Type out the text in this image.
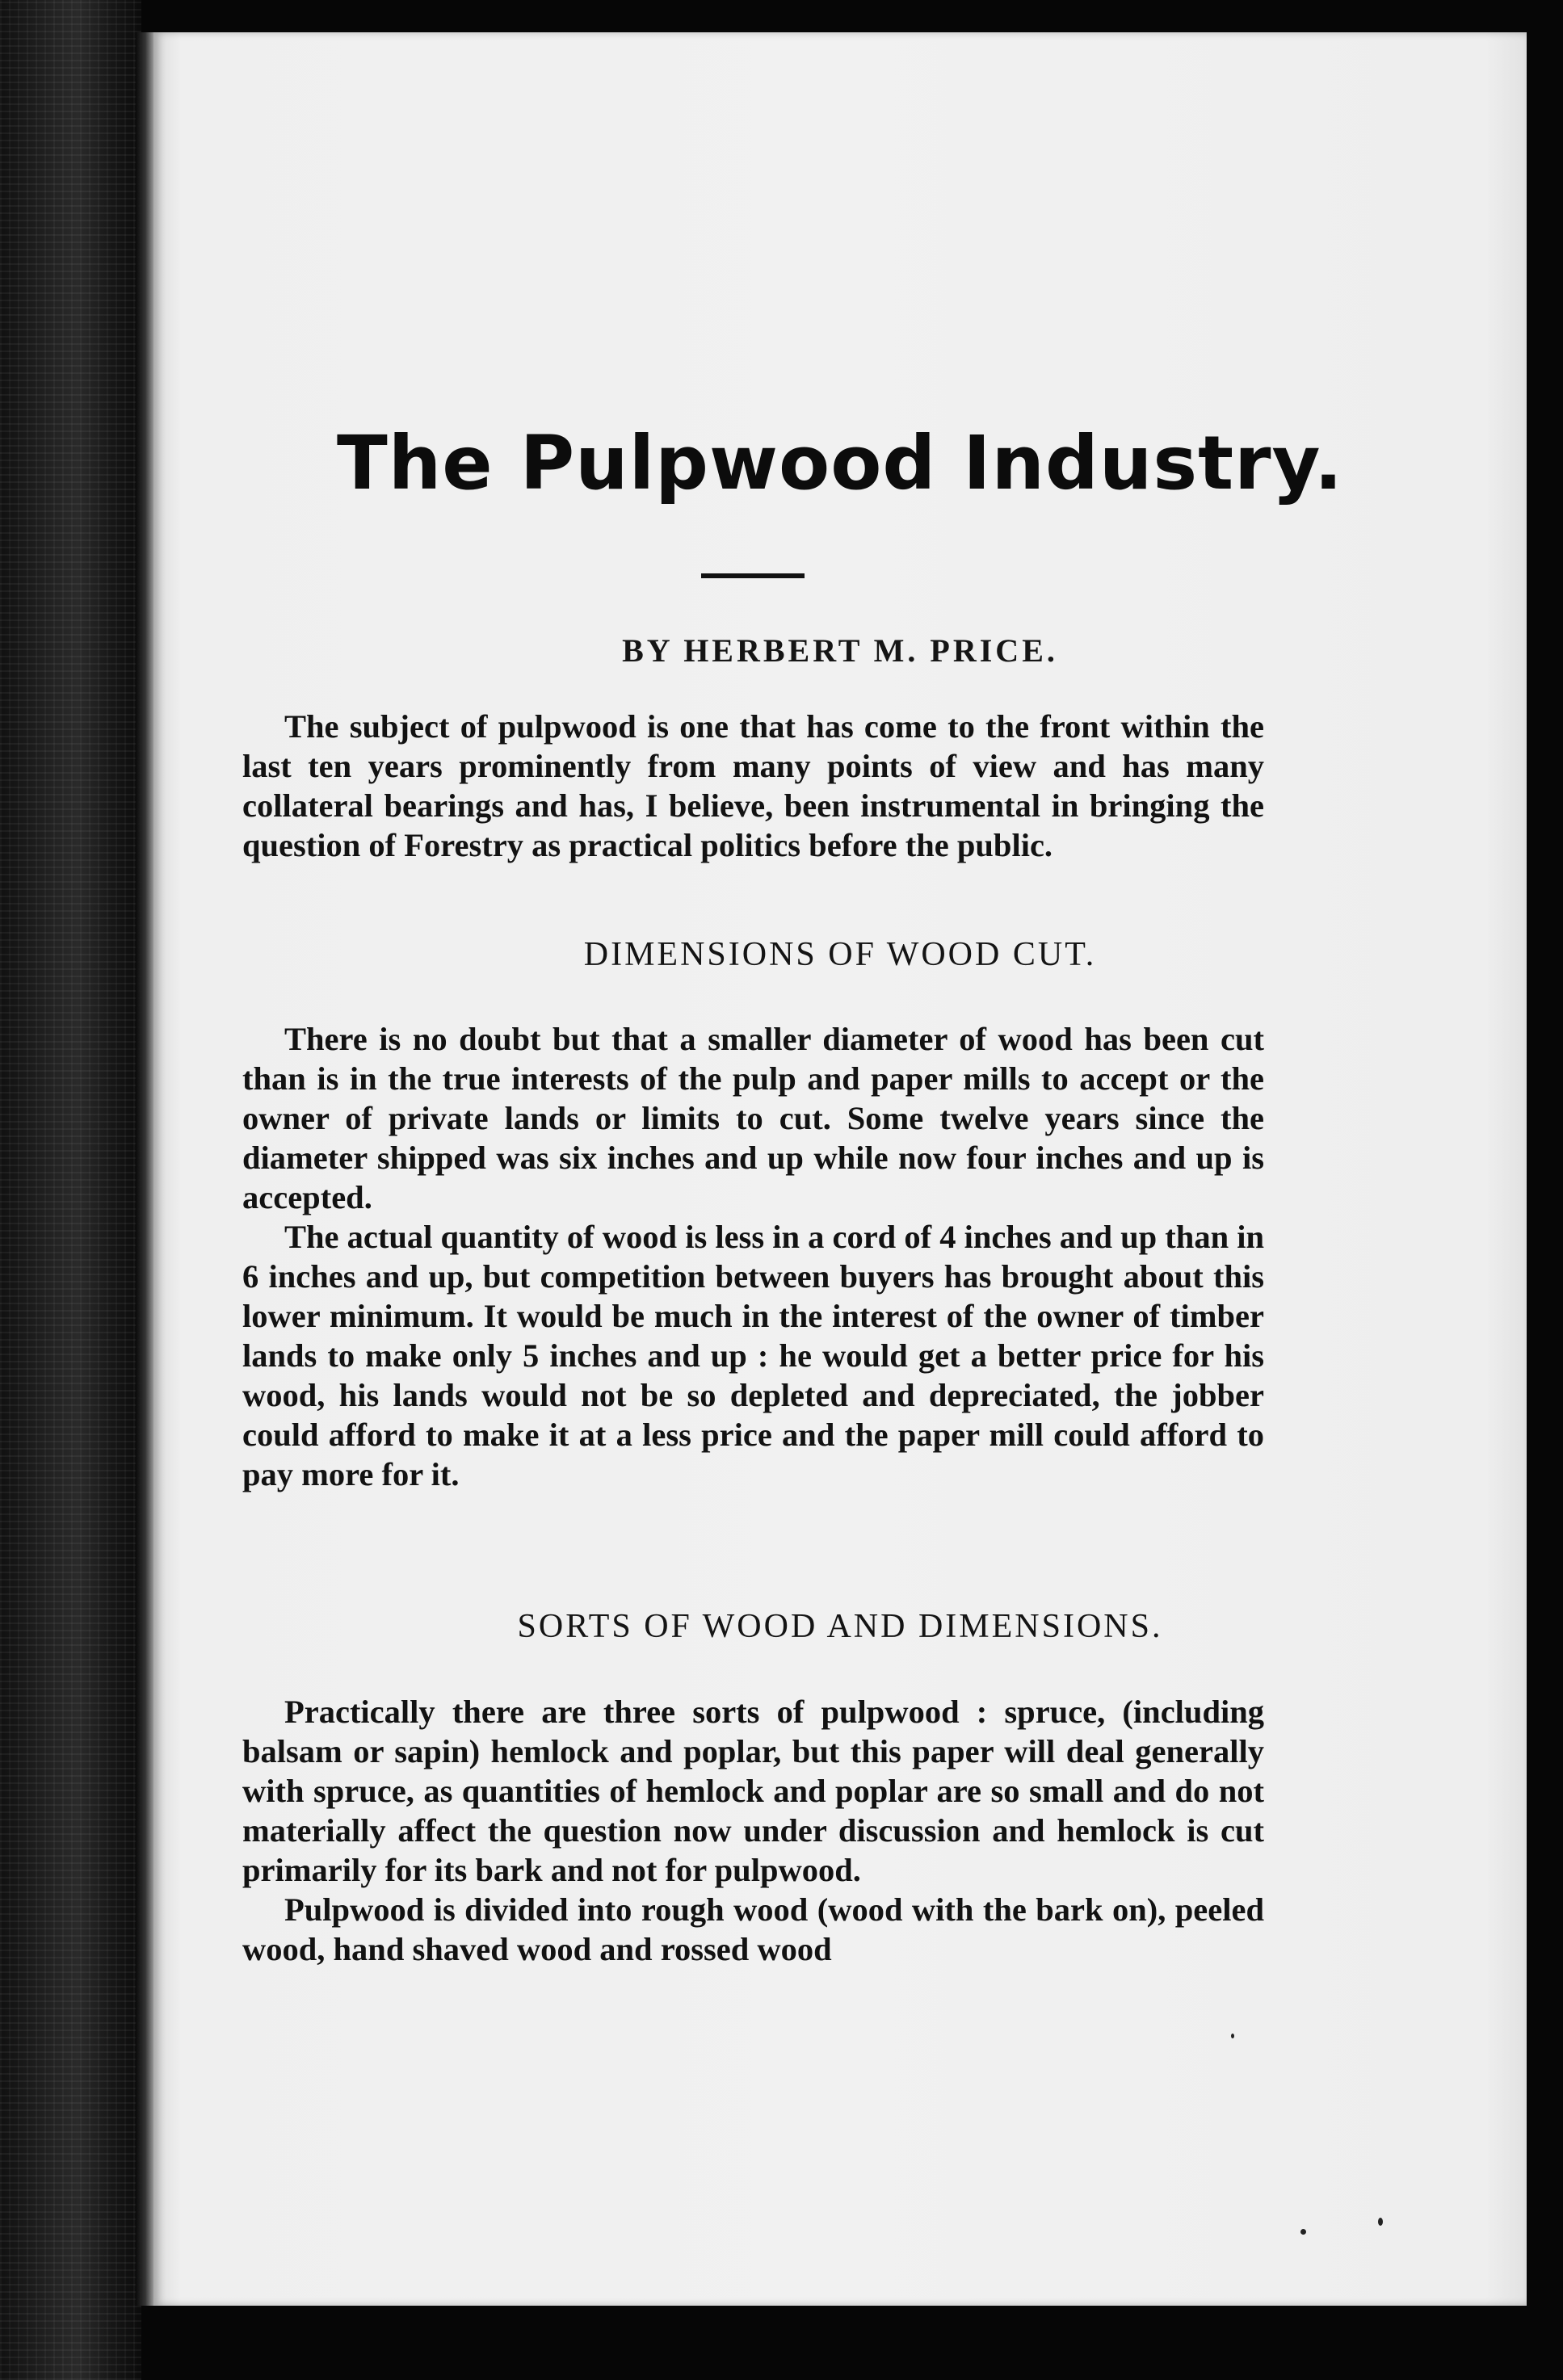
The Pulpwood Industry.
BY HERBERT M. PRICE.

The subject of pulpwood is one that has come to the front within the last ten years prominently from many points of view and has many collateral bearings and has, I believe, been instrumental in bringing the question of Forestry as practical politics before the public.

DIMENSIONS OF WOOD CUT.

There is no doubt but that a smaller diameter of wood has been cut than is in the true interests of the pulp and paper mills to accept or the owner of private lands or limits to cut. Some twelve years since the diameter shipped was six inches and up while now four inches and up is accepted.

The actual quantity of wood is less in a cord of 4 inches and up than in 6 inches and up, but competition between buyers has brought about this lower minimum. It would be much in the interest of the owner of timber lands to make only 5 inches and up : he would get a better price for his wood, his lands would not be so depleted and depreciated, the jobber could afford to make it at a less price and the paper mill could afford to pay more for it.

SORTS OF WOOD AND DIMENSIONS.

Practically there are three sorts of pulpwood : spruce, (including balsam or sapin) hemlock and poplar, but this paper will deal generally with spruce, as quantities of hemlock and poplar are so small and do not materially affect the question now under discussion and hemlock is cut primarily for its bark and not for pulpwood.

Pulpwood is divided into rough wood (wood with the bark on), peeled wood, hand shaved wood and rossed wood
